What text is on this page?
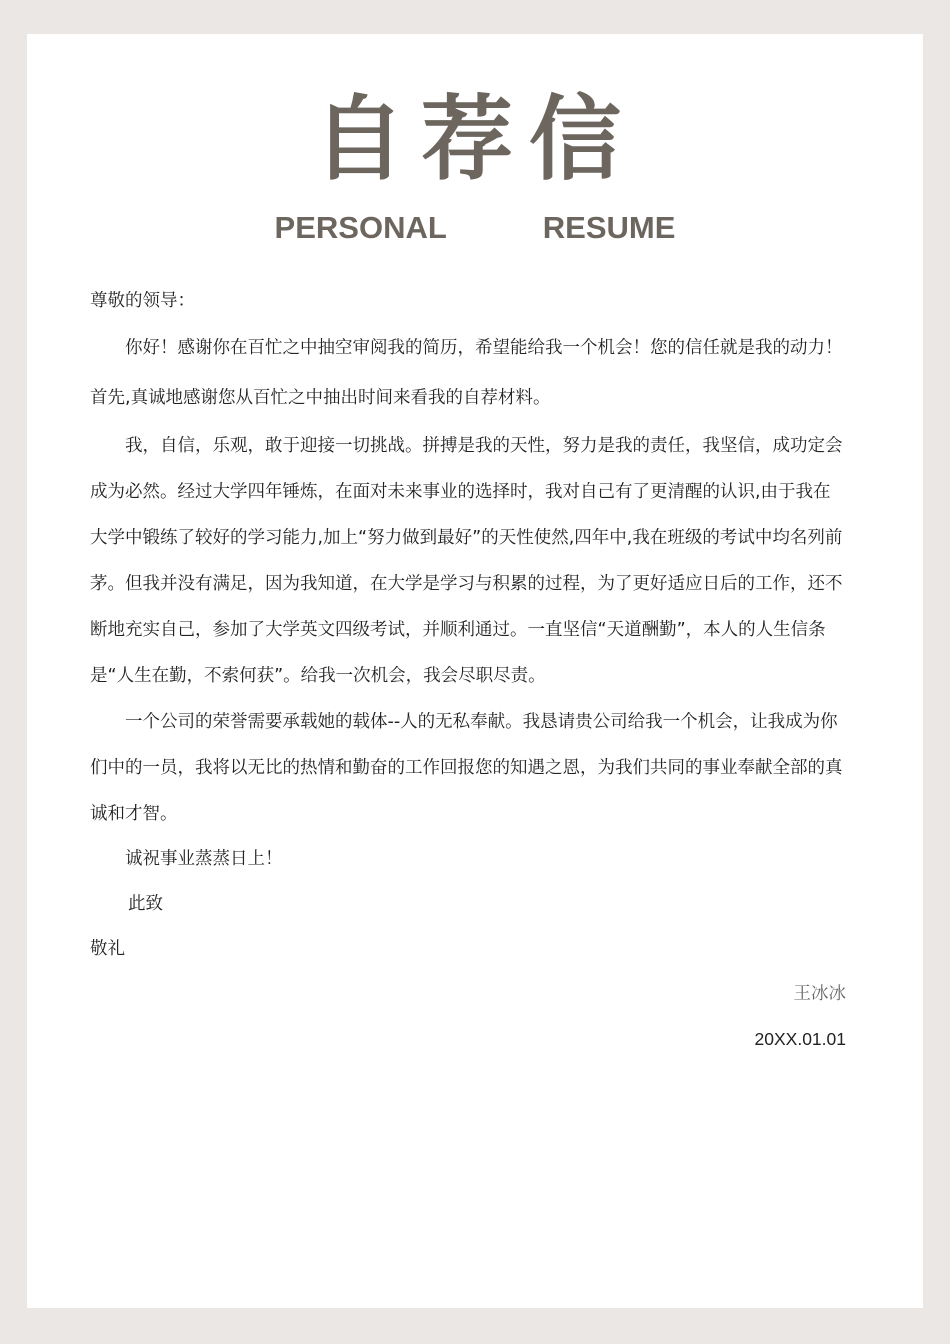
自荐信
PERSONAL	RESUME

尊敬的领导：

你好！感谢你在百忙之中抽空审阅我的简历，希望能给我一个机会！您的信任就是我的动力！首先,真诚地感谢您从百忙之中抽出时间来看我的自荐材料。

我，自信，乐观，敢于迎接一切挑战。拼搏是我的天性，努力是我的责任，我坚信，成功定会成为必然。经过大学四年锤炼，在面对未来事业的选择时，我对自己有了更清醒的认识,由于我在大学中锻练了较好的学习能力,加上“努力做到最好”的天性使然,四年中,我在班级的考试中均名列前茅。但我并没有满足，因为我知道，在大学是学习与积累的过程，为了更好适应日后的工作，还不断地充实自己，参加了大学英文四级考试，并顺利通过。一直坚信“天道酬勤”，本人的人生信条是“人生在勤，不索何获”。给我一次机会，我会尽职尽责。

一个公司的荣誉需要承载她的载体--人的无私奉献。我恳请贵公司给我一个机会，让我成为你们中的一员，我将以无比的热情和勤奋的工作回报您的知遇之恩，为我们共同的事业奉献全部的真诚和才智。

诚祝事业蒸蒸日上！

此致

敬礼

王冰冰

20XX.01.01
